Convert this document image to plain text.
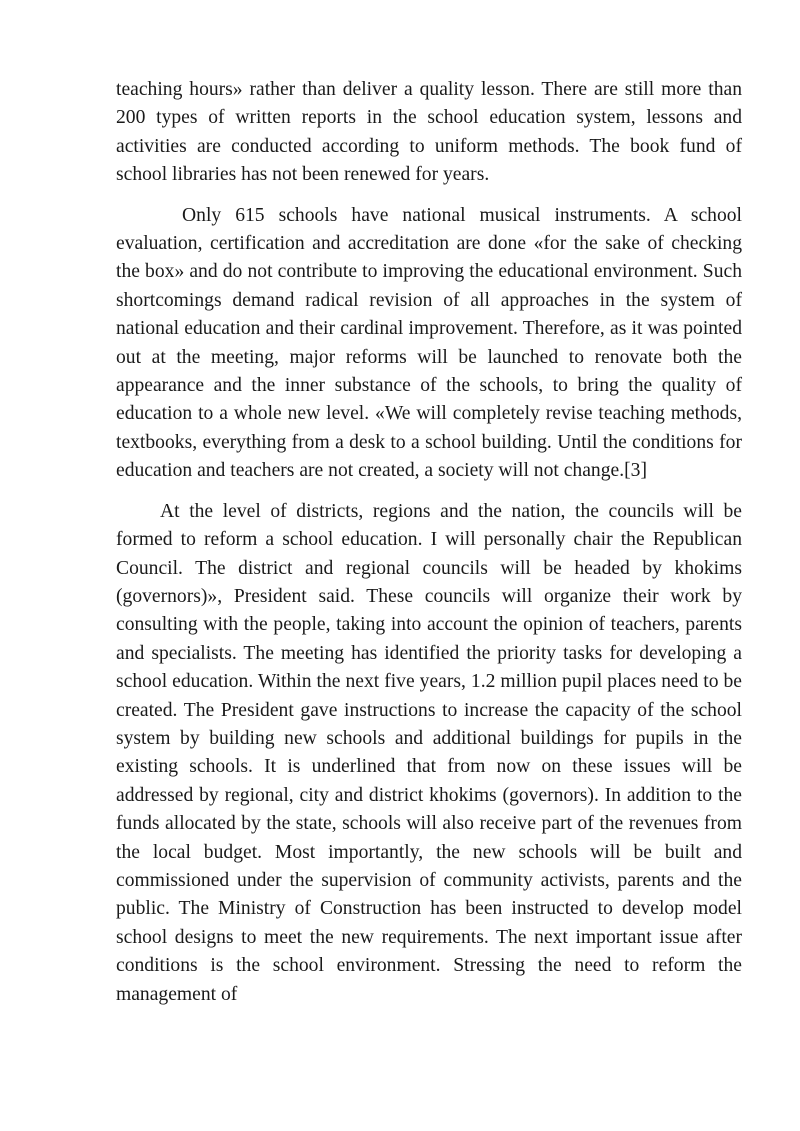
teaching hours» rather than deliver a quality lesson. There are still more than 200 types of written reports in the school education system, lessons and activities are conducted according to uniform methods. The book fund of school libraries has not been renewed for years.

Only 615 schools have national musical instruments. A school evaluation, certification and accreditation are done «for the sake of checking the box» and do not contribute to improving the educational environment. Such shortcomings demand radical revision of all approaches in the system of national education and their cardinal improvement. Therefore, as it was pointed out at the meeting, major reforms will be launched to renovate both the appearance and the inner substance of the schools, to bring the quality of education to a whole new level. «We will completely revise teaching methods, textbooks, everything from a desk to a school building. Until the conditions for education and teachers are not created, a society will not change.[3]

At the level of districts, regions and the nation, the councils will be formed to reform a school education. I will personally chair the Republican Council. The district and regional councils will be headed by khokims (governors)», President said. These councils will organize their work by consulting with the people, taking into account the opinion of teachers, parents and specialists. The meeting has identified the priority tasks for developing a school education. Within the next five years, 1.2 million pupil places need to be created. The President gave instructions to increase the capacity of the school system by building new schools and additional buildings for pupils in the existing schools. It is underlined that from now on these issues will be addressed by regional, city and district khokims (governors). In addition to the funds allocated by the state, schools will also receive part of the revenues from the local budget. Most importantly, the new schools will be built and commissioned under the supervision of community activists, parents and the public. The Ministry of Construction has been instructed to develop model school designs to meet the new requirements. The next important issue after conditions is the school environment. Stressing the need to reform the management of
